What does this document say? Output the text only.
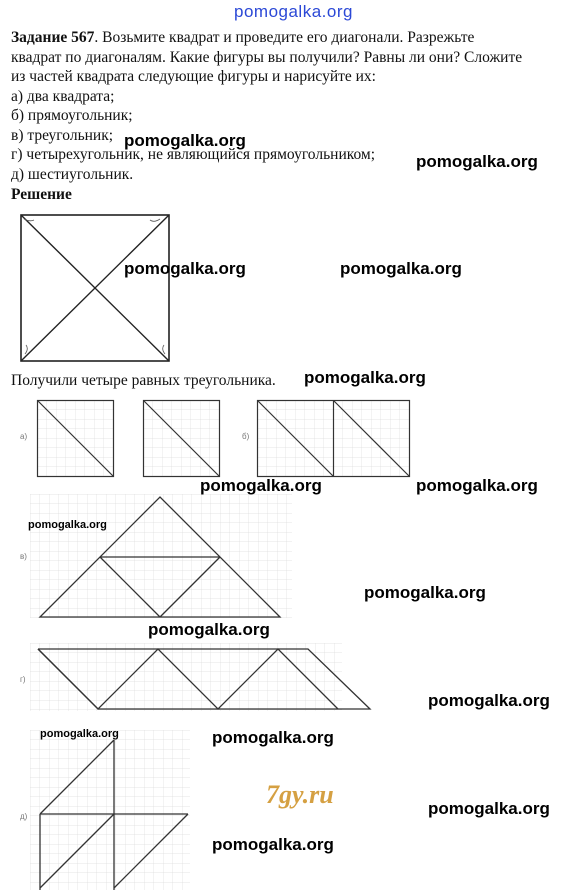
pomogalka.org
Задание 567. Возьмите квадрат и проведите его диагонали. Разрежьте
квадрат по диагоналям. Какие фигуры вы получили? Равны ли они? Сложите
из частей квадрата следующие фигуры и нарисуйте их:
а) два квадрата;
б) прямоугольник;
в) треугольник;
г) четырехугольник, не являющийся прямоугольником;
д) шестиугольник.
Решение
Получили четыре равных треугольника.
а)	б)
в)
г)
д)
7gy.ru
pomogalka.org
pomogalka.org
pomogalka.org	pomogalka.org
pomogalka.org
pomogalka.org	pomogalka.org
pomogalka.org
pomogalka.org
pomogalka.org
pomogalka.org
pomogalka.org	pomogalka.org
pomogalka.org
pomogalka.org
